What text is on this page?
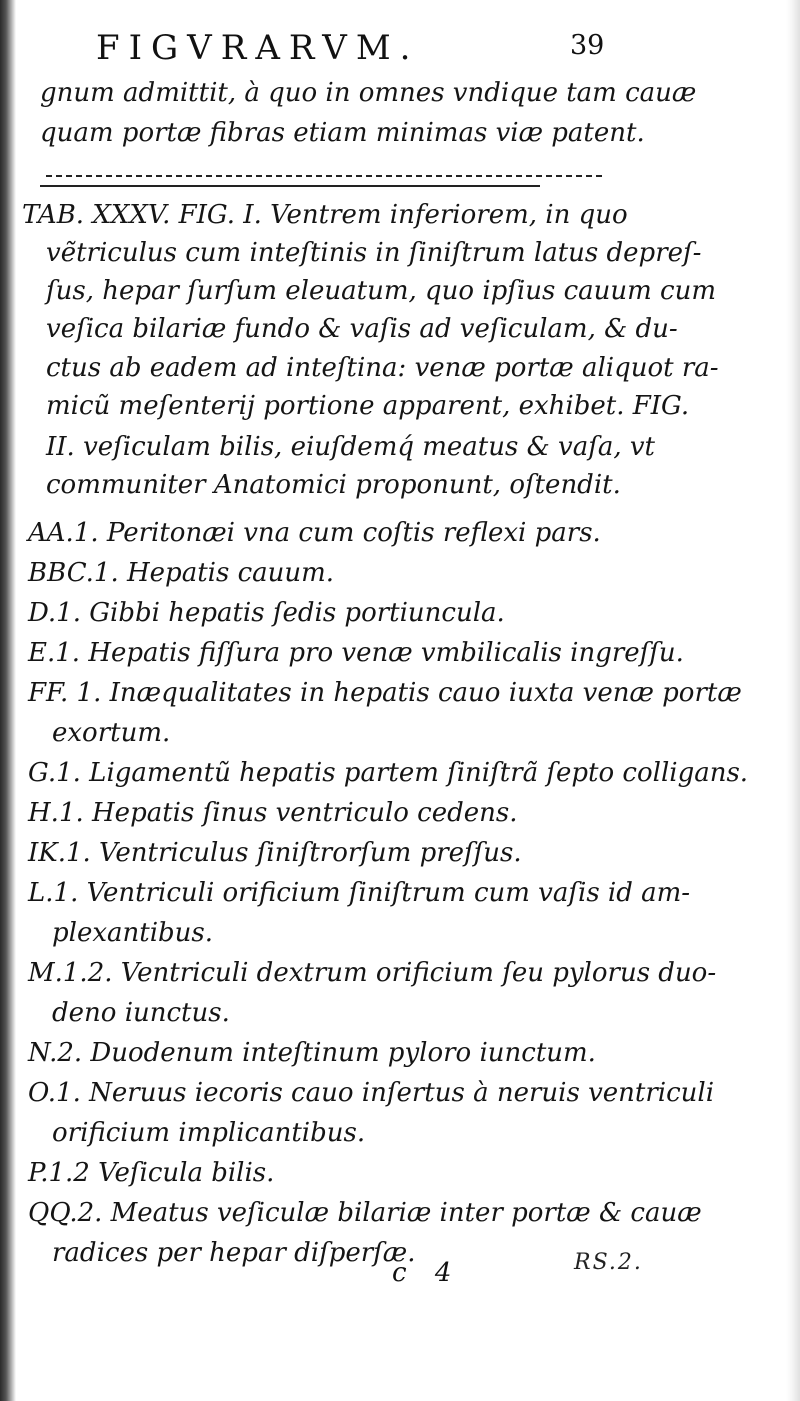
FIGVRARVM.	39
gnum admittit, à quo in omnes vndique tam cauæ
quam portæ fibras etiam minimas viæ patent.
TAB. XXXV. FIG. I. Ventrem inferiorem, in quo
vẽtriculus cum inteſtinis in ſiniſtrum latus depreſ-
ſus, hepar ſurſum eleuatum, quo ipſius cauum cum
veſica bilariæ fundo & vaſis ad veſiculam, & du-
ctus ab eadem ad inteſtina: venæ portæ aliquot ra-
micũ meſenterij portione apparent, exhibet. FIG.
II. veſiculam bilis, eiuſdemq́ meatus & vaſa, vt
communiter Anatomici proponunt, oſtendit.
AA.1. Peritonæi vna cum coſtis reflexi pars.
BBC.1. Hepatis cauum.
D.1. Gibbi hepatis ſedis portiuncula.
E.1. Hepatis fiſſura pro venæ vmbilicalis ingreſſu.
FF. 1. Inæqualitates in hepatis cauo iuxta venæ portæ
exortum.
G.1. Ligamentũ hepatis partem ſiniſtrã ſepto colligans.
H.1. Hepatis ſinus ventriculo cedens.
IK.1. Ventriculus ſiniſtrorſum preſſus.
L.1. Ventriculi orificium ſiniſtrum cum vaſis id am-
plexantibus.
M.1.2. Ventriculi dextrum orificium ſeu pylorus duo-
deno iunctus.
N.2. Duodenum inteſtinum pyloro iunctum.
O.1. Neruus iecoris cauo inſertus à neruis ventriculi
orificium implicantibus.
P.1.2 Veſicula bilis.
QQ.2. Meatus veſiculæ bilariæ inter portæ & cauæ
radices per hepar diſperſæ.
c 4	RS.2.
